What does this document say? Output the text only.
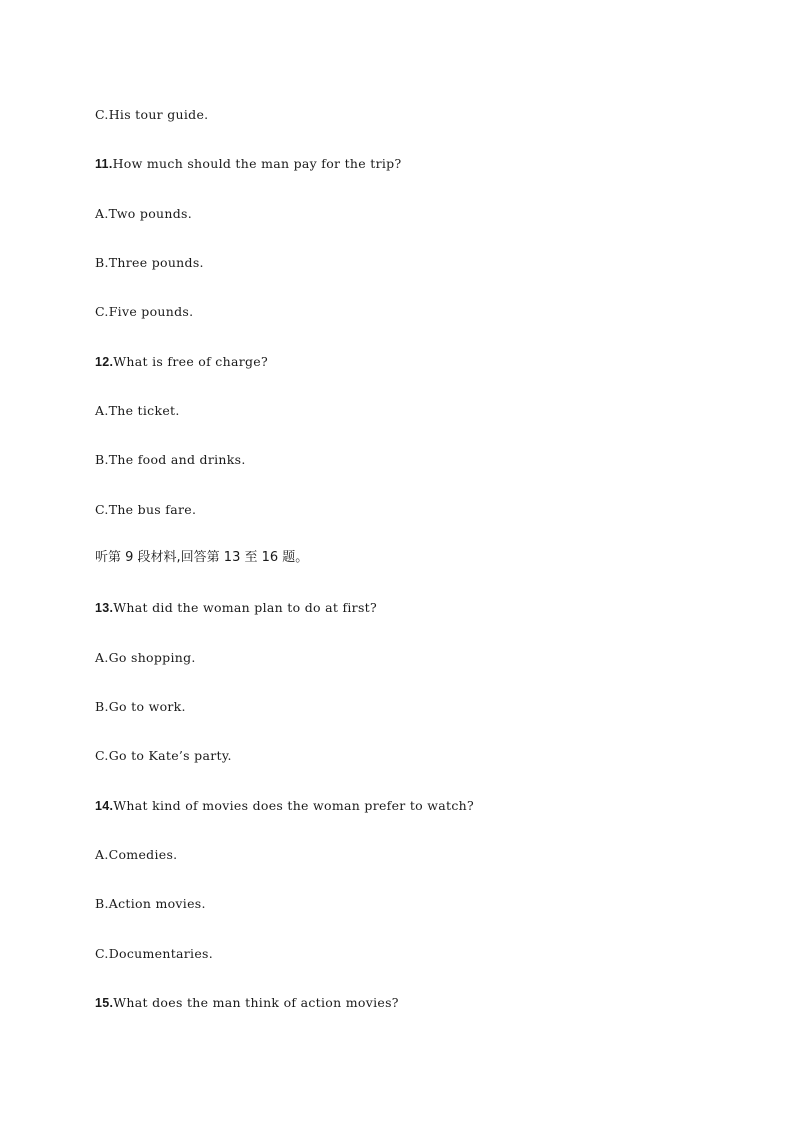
C.His tour guide.
11.How much should the man pay for the trip?
A.Two pounds.
B.Three pounds.
C.Five pounds.
12.What is free of charge?
A.The ticket.
B.The food and drinks.
C.The bus fare.
听第 9 段材料,回答第 13 至 16 题。
13.What did the woman plan to do at first?
A.Go shopping.
B.Go to work.
C.Go to Kate’s party.
14.What kind of movies does the woman prefer to watch?
A.Comedies.
B.Action movies.
C.Documentaries.
15.What does the man think of action movies?
